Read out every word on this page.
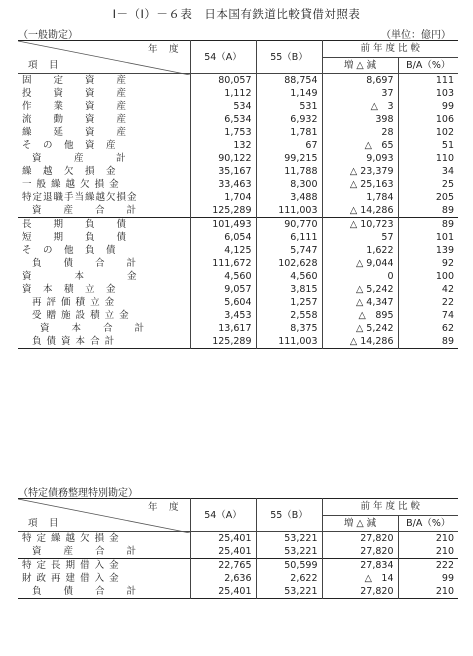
Ⅰ－（Ⅰ）－６表　日本国有鉄道比較貸借対照表
（一般勘定）	（単位：億円）
年　度
項　目	54（A）	55（B）	前 年 度 比 較	
			増 △ 減	B/A（%）
固　　定　　資　　産	80,057	88,754	8,697	111
投　　資　　資　　産	1,112	1,149	37	103
作　　業　　資　　産	534	531	△　3	99
流　　動　　資　　産	6,534	6,932	398	106
繰　　延　　資　　産	1,753	1,781	28	102
そ　の　他　資　産	132	67	△　65	51
資　　　産　　　計	90,122	99,215	9,093	110
繰　越　欠　損　金	35,167	11,788	△ 23,379	34
一 般 繰 越 欠 損 金	33,463	8,300	△ 25,163	25
特定退職手当繰越欠損金	1,704	3,488	1,784	205
資　　産　　合　　計	125,289	111,003	△ 14,286	89
長　　期　　負　　債	101,493	90,770	△ 10,723	89
短　　期　　負　　債	6,054	6,111	57	101
そ　の　他　負　債	4,125	5,747	1,622	139
負　　債　　合　　計	111,672	102,628	△ 9,044	92
資　　　　本　　　　金	4,560	4,560	0	100
資　本　積　立　金	9,057	3,815	△ 5,242	42
再 評 価 積 立 金	5,604	1,257	△ 4,347	22
受 贈 施 設 積 立 金	3,453	2,558	△　895	74
資　　本　　合　　計	13,617	8,375	△ 5,242	62
負 債 資 本 合 計	125,289	111,003	△ 14,286	89
（特定債務整理特別勘定）
年　度
項　目	54（A）	55（B）	前 年 度 比 較	
			増 △ 減	B/A（%）
特 定 繰 越 欠 損 金	25,401	53,221	27,820	210
資　　産　　合　　計	25,401	53,221	27,820	210
特 定 長 期 借 入 金	22,765	50,599	27,834	222
財 政 再 建 借 入 金	2,636	2,622	△　14	99
負　　債　　合　　計	25,401	53,221	27,820	210
